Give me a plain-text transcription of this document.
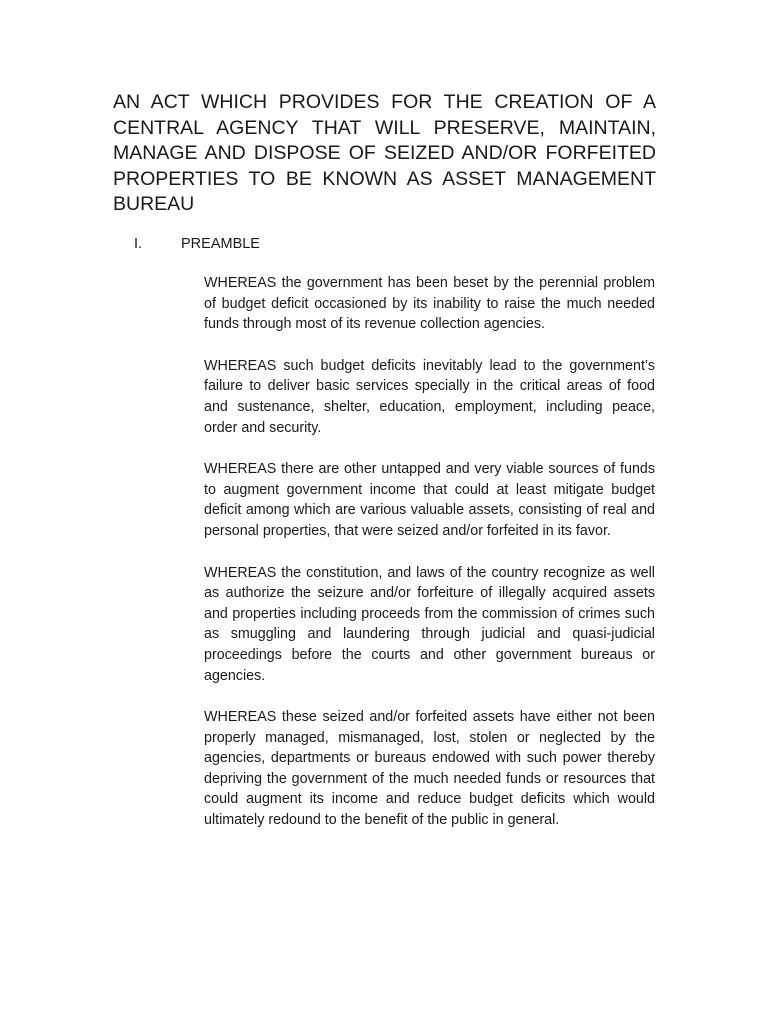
AN ACT WHICH PROVIDES FOR THE CREATION OF A CENTRAL AGENCY THAT WILL PRESERVE, MAINTAIN, MANAGE AND DISPOSE OF SEIZED AND/OR FORFEITED PROPERTIES TO BE KNOWN AS ASSET MANAGEMENT BUREAU
I.	PREAMBLE

WHEREAS the government has been beset by the perennial problem of budget deficit occasioned by its inability to raise the much needed funds through most of its revenue collection agencies.

WHEREAS such budget deficits inevitably lead to the government’s failure to deliver basic services specially in the critical areas of food and sustenance, shelter, education, employment, including peace, order and security.

WHEREAS there are other untapped and very viable sources of funds to augment government income that could at least mitigate budget deficit among which are various valuable assets, consisting of real and personal properties, that were seized and/or forfeited in its favor.

WHEREAS the constitution, and laws of the country recognize as well as authorize the seizure and/or forfeiture of illegally acquired assets and properties including proceeds from the commission of crimes such as smuggling and laundering through judicial and quasi-judicial proceedings before the courts and other government bureaus or agencies.

WHEREAS these seized and/or forfeited assets have either not been properly managed, mismanaged, lost, stolen or neglected by the agencies, departments or bureaus endowed with such power thereby depriving the government of the much needed funds or resources that could augment its income and reduce budget deficits which would ultimately redound to the benefit of the public in general.
